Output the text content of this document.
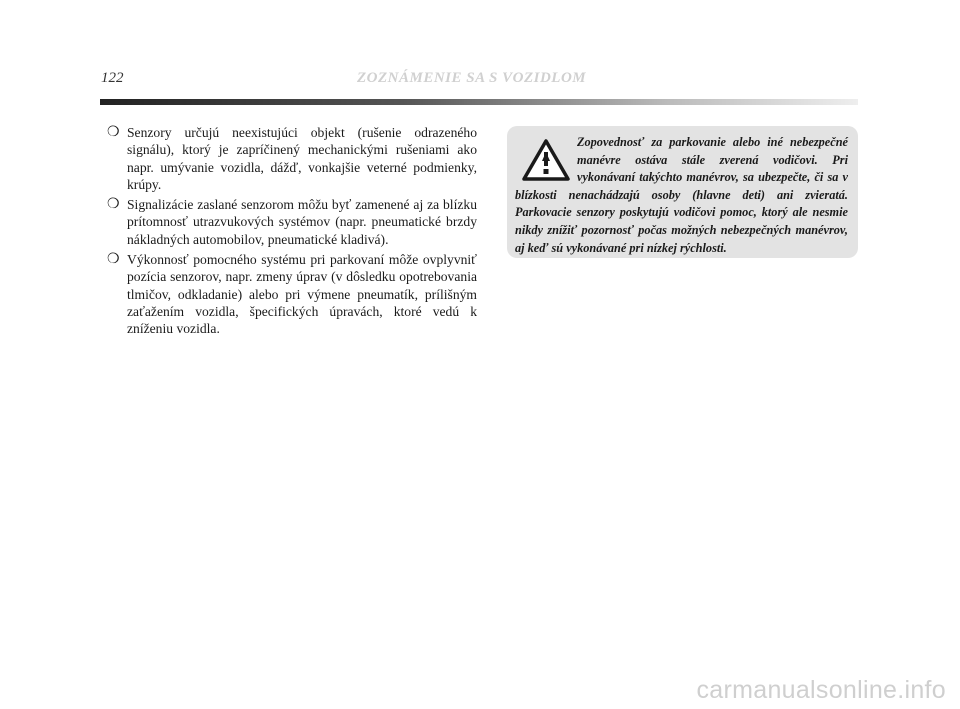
122	ZOZNÁMENIE SA S VOZIDLOM
❍ Senzory určujú neexistujúci objekt (rušenie odrazeného signálu), ktorý je zapríčinený mechanickými rušeniami ako napr. umývanie vozidla, dážď, vonkajšie veterné podmienky, krúpy.
❍ Signalizácie zaslané senzorom môžu byť zamenené aj za blízku prítomnosť utrazvukových systémov (napr. pneumatické brzdy nákladných automobilov, pneumatické kladivá).
❍ Výkonnosť pomocného systému pri parkovaní môže ovplyvniť pozícia senzorov, napr. zmeny úprav (v dôsledku opotrebovania tlmičov, odkladanie) alebo pri výmene pneumatík, prílišným zaťažením vozidla, špecifických úpravách, ktoré vedú k zníženiu vozidla.
Zopovednosť za parkovanie alebo iné nebezpečné manévre ostáva stále zverená vodičovi. Pri vykonávaní takýchto manévrov, sa ubezpečte, či sa v blízkosti nenachádzajú osoby (hlavne deti) ani zvieratá. Parkovacie senzory poskytujú vodičovi pomoc, ktorý ale nesmie nikdy znížiť pozornosť počas možných nebezpečných manévrov, aj keď sú vykonávané pri nízkej rýchlosti.
carmanualsonline.info
